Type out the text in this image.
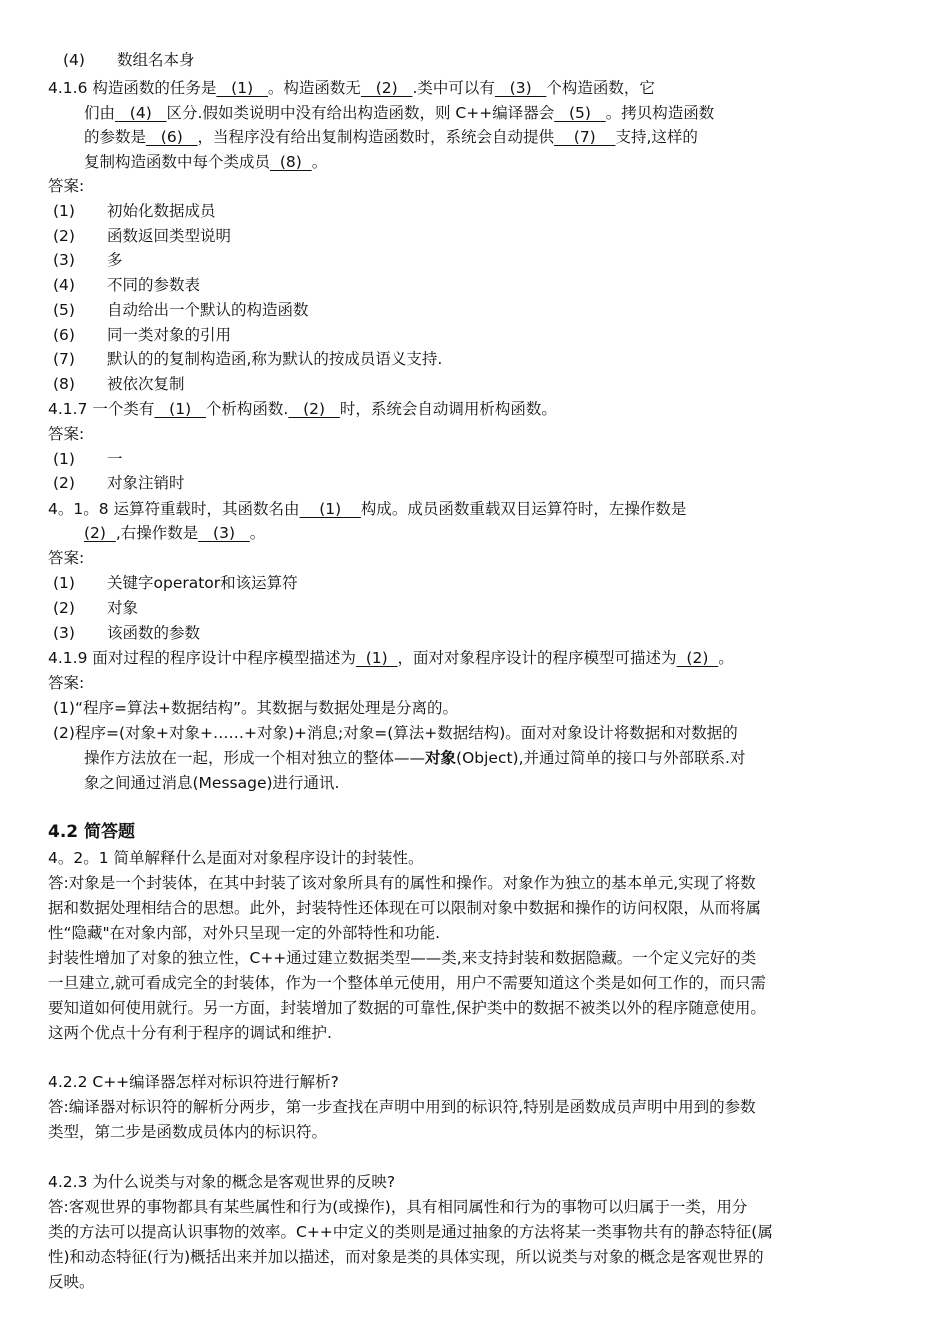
(4) 数组名本身
4.1.6 构造函数的任务是   (1)   。构造函数无   (2)   .类中可以有   (3)   个构造函数，它
们由   (4)   区分.假如类说明中没有给出构造函数，则 C++编译器会   (5)   。拷贝构造函数
的参数是   (6)   ，当程序没有给出复制构造函数时，系统会自动提供    (7)    支持,这样的
复制构造函数中每个类成员  (8)  。
答案:
(1) 初始化数据成员
(2) 函数返回类型说明
(3) 多
(4) 不同的参数表
(5) 自动给出一个默认的构造函数
(6) 同一类对象的引用
(7) 默认的的复制构造函,称为默认的按成员语义支持.
(8) 被依次复制
4.1.7 一个类有   (1)   个析构函数.   (2)   时，系统会自动调用析构函数。
答案:
(1) 一
(2) 对象注销时
4。1。8 运算符重载时，其函数名由    (1)    构成。成员函数重载双目运算符时，左操作数是
(2)  ,右操作数是   (3)   。
答案:
(1) 关键字operator和该运算符
(2) 对象
(3) 该函数的参数
4.1.9 面对过程的程序设计中程序模型描述为  (1)  ，面对对象程序设计的程序模型可描述为  (2)  。
答案:
(1)“程序=算法+数据结构”。其数据与数据处理是分离的。
(2)程序=(对象+对象+……+对象)+消息;对象=(算法+数据结构)。面对对象设计将数据和对数据的
操作方法放在一起，形成一个相对独立的整体——对象(Object),并通过简单的接口与外部联系.对
象之间通过消息(Message)进行通讯.
4.2 简答题
4。2。1 简单解释什么是面对对象程序设计的封装性。
答:对象是一个封装体，在其中封装了该对象所具有的属性和操作。对象作为独立的基本单元,实现了将数
据和数据处理相结合的思想。此外，封装特性还体现在可以限制对象中数据和操作的访问权限，从而将属
性“隐藏"在对象内部，对外只呈现一定的外部特性和功能.
封装性增加了对象的独立性，C++通过建立数据类型——类,来支持封装和数据隐藏。一个定义完好的类
一旦建立,就可看成完全的封装体，作为一个整体单元使用，用户不需要知道这个类是如何工作的，而只需
要知道如何使用就行。另一方面，封装增加了数据的可靠性,保护类中的数据不被类以外的程序随意使用。
这两个优点十分有利于程序的调试和维护.
4.2.2 C++编译器怎样对标识符进行解析?
答:编译器对标识符的解析分两步，第一步查找在声明中用到的标识符,特别是函数成员声明中用到的参数
类型，第二步是函数成员体内的标识符。
4.2.3 为什么说类与对象的概念是客观世界的反映?
答:客观世界的事物都具有某些属性和行为(或操作)，具有相同属性和行为的事物可以归属于一类，用分
类的方法可以提高认识事物的效率。C++中定义的类则是通过抽象的方法将某一类事物共有的静态特征(属
性)和动态特征(行为)概括出来并加以描述，而对象是类的具体实现，所以说类与对象的概念是客观世界的
反映。
